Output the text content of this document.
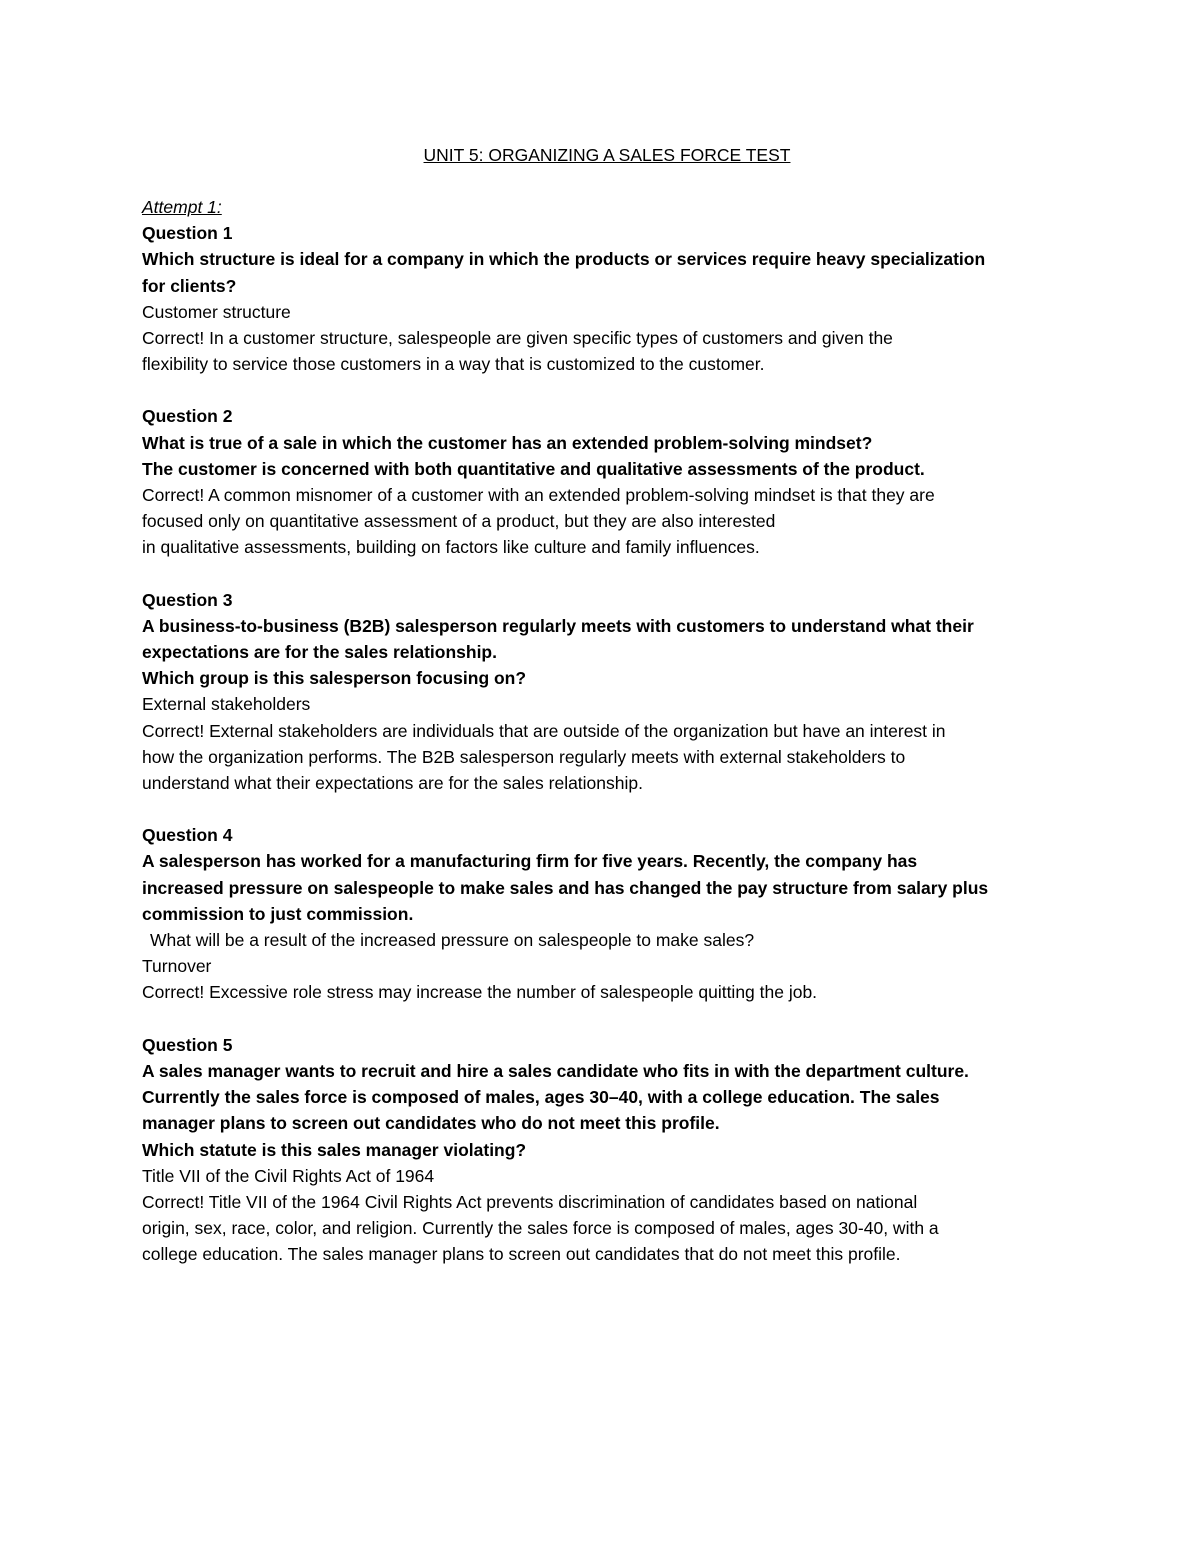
UNIT 5: ORGANIZING A SALES FORCE TEST

Attempt 1:

Question 1

Which structure is ideal for a company in which the products or services require heavy specialization

for clients?

Customer structure

Correct! In a customer structure, salespeople are given specific types of customers and given the

flexibility to service those customers in a way that is customized to the customer.

Question 2

What is true of a sale in which the customer has an extended problem-solving mindset?

The customer is concerned with both quantitative and qualitative assessments of the product.

Correct! A common misnomer of a customer with an extended problem-solving mindset is that they are

focused only on quantitative assessment of a product, but they are also interested

in qualitative assessments, building on factors like culture and family influences.

Question 3

A business-to-business (B2B) salesperson regularly meets with customers to understand what their

expectations are for the sales relationship.

Which group is this salesperson focusing on?

External stakeholders

Correct! External stakeholders are individuals that are outside of the organization but have an interest in

how the organization performs. The B2B salesperson regularly meets with external stakeholders to

understand what their expectations are for the sales relationship.

Question 4

A salesperson has worked for a manufacturing firm for five years. Recently, the company has

increased pressure on salespeople to make sales and has changed the pay structure from salary plus

commission to just commission.

What will be a result of the increased pressure on salespeople to make sales?

Turnover

Correct! Excessive role stress may increase the number of salespeople quitting the job.

Question 5

A sales manager wants to recruit and hire a sales candidate who fits in with the department culture.

Currently the sales force is composed of males, ages 30–40, with a college education. The sales

manager plans to screen out candidates who do not meet this profile.

Which statute is this sales manager violating?

Title VII of the Civil Rights Act of 1964

Correct! Title VII of the 1964 Civil Rights Act prevents discrimination of candidates based on national

origin, sex, race, color, and religion. Currently the sales force is composed of males, ages 30-40, with a

college education. The sales manager plans to screen out candidates that do not meet this profile.
